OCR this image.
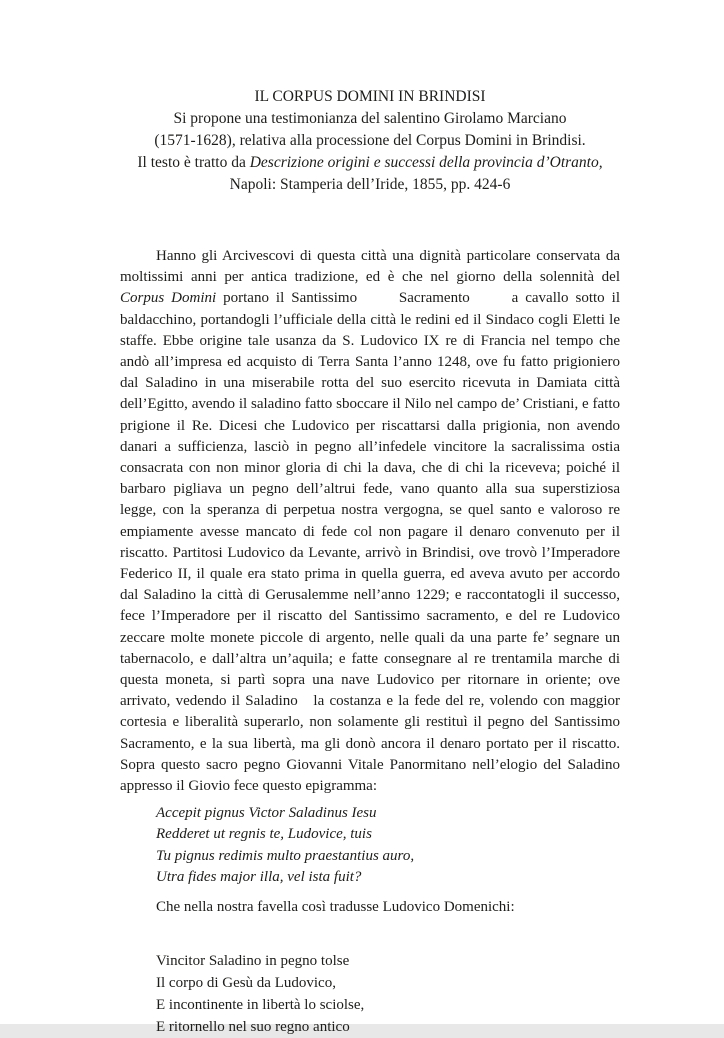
IL CORPUS DOMINI IN BRINDISI
Si propone una testimonianza del salentino Girolamo Marciano
(1571-1628), relativa alla processione del Corpus Domini in Brindisi.
Il testo è tratto da Descrizione origini e successi della provincia d’Otranto,
Napoli: Stamperia dell’Iride, 1855, pp. 424-6

Hanno gli Arcivescovi di questa città una dignità particolare conservata da moltissimi anni per antica tradizione, ed è che nel giorno della solennità del Corpus Domini portano il Santissimo      Sacramento      a cavallo sotto il baldacchino, portandogli l’ufficiale della città le redini ed il Sindaco cogli Eletti le staffe. Ebbe origine tale usanza da S. Ludovico IX re di Francia nel tempo che andò all’impresa ed acquisto di Terra Santa l’anno 1248, ove fu fatto prigioniero dal Saladino in una miserabile rotta del suo esercito ricevuta in Damiata città dell’Egitto, avendo il saladino fatto sboccare il Nilo nel campo de’ Cristiani, e fatto prigione il Re. Dicesi che Ludovico per riscattarsi dalla prigionia, non avendo danari a sufficienza, lasciò in pegno all’infedele vincitore la sacralissima ostia consacrata con non minor gloria di chi la dava, che di chi la riceveva; poiché il barbaro pigliava un pegno dell’altrui fede, vano quanto alla sua superstiziosa legge, con la speranza di perpetua nostra vergogna, se quel santo e valoroso re empiamente avesse mancato di fede col non pagare il denaro convenuto per il riscatto. Partitosi Ludovico da Levante, arrivò in Brindisi, ove trovò l’Imperadore Federico II, il quale era stato prima in quella guerra, ed aveva avuto per accordo dal Saladino la città di Gerusalemme nell’anno 1229; e raccontatogli il successo, fece l’Imperadore per il riscatto del Santissimo sacramento, e del re Ludovico zeccare molte monete piccole di argento, nelle quali da una parte fe’ segnare un tabernacolo, e dall’altra un’aquila; e fatte consegnare al re trentamila marche di questa moneta, si partì sopra una nave Ludovico per ritornare in oriente; ove arrivato, vedendo il Saladino   la costanza e la fede del re, volendo con maggior cortesia e liberalità superarlo, non solamente gli restituì il pegno del Santissimo Sacramento, e la sua libertà, ma gli donò ancora il denaro portato per il riscatto. Sopra questo sacro pegno Giovanni Vitale Panormitano nell’elogio del Saladino appresso il Giovio fece questo epigramma:

Accepit pignus Victor Saladinus Iesu
Redderet ut regnis te, Ludovice, tuis
Tu pignus redimis multo praestantius auro,
Utra fides major illa, vel ista fuit?

Che nella nostra favella così tradusse Ludovico Domenichi:

Vincitor Saladino in pegno tolse
Il corpo di Gesù da Ludovico,
E incontinente in libertà lo sciolse,
E ritornello nel suo regno antico
